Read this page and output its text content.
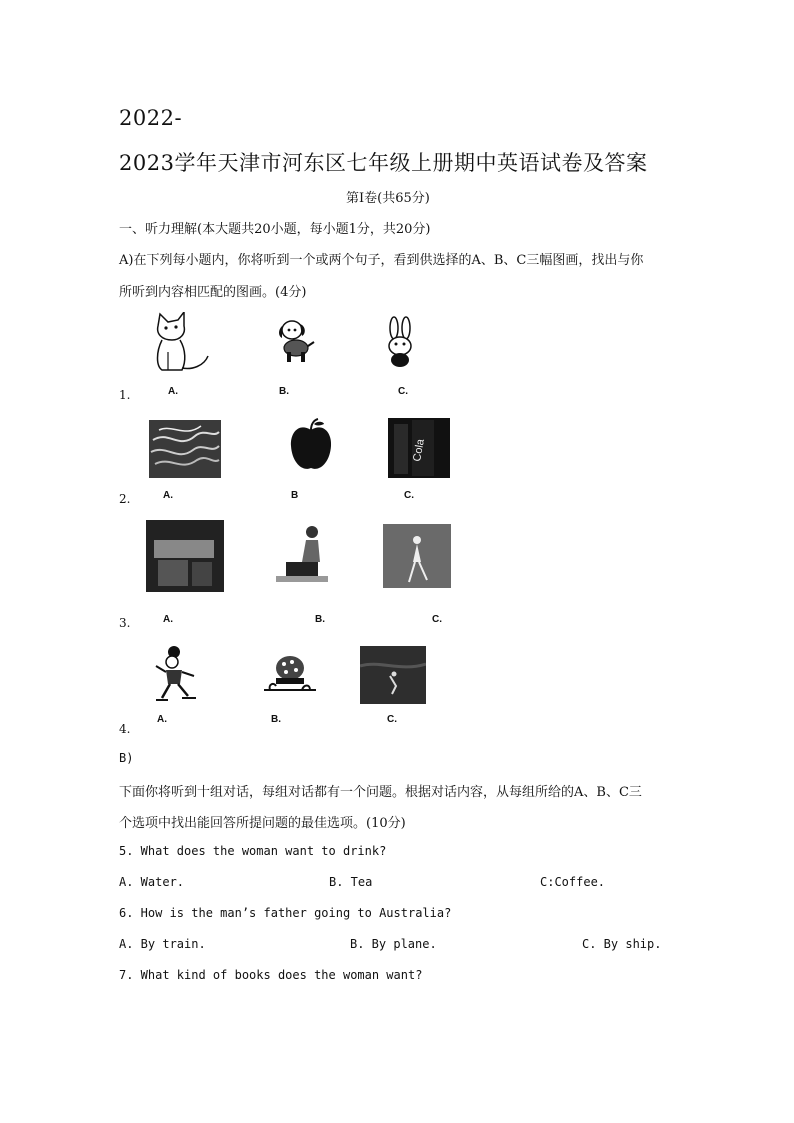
2022-
2023学年天津市河东区七年级上册期中英语试卷及答案
第Ⅰ卷(共65分)
一、听力理解(本大题共20小题，每小题1分，共20分)
A)在下列每小题内，你将听到一个或两个句子，看到供选择的A、B、C三幅图画，找出与你
所听到内容相匹配的图画。(4分)
A.	B.	C.
1.
Cola
A.	B	C.
2.
A.	B.	C.
3.
A.	B.	C.
4.
B)
下面你将听到十组对话，每组对话都有一个问题。根据对话内容，从每组所给的A、B、C三
个选项中找出能回答所提问题的最佳选项。(10分)
5. What does the woman want to drink?
A. Water.	B. Tea	C:Coffee.
6. How is the man’s father going to Australia?
A. By train.	B. By plane.	C. By ship.
7. What kind of books does the woman want?
